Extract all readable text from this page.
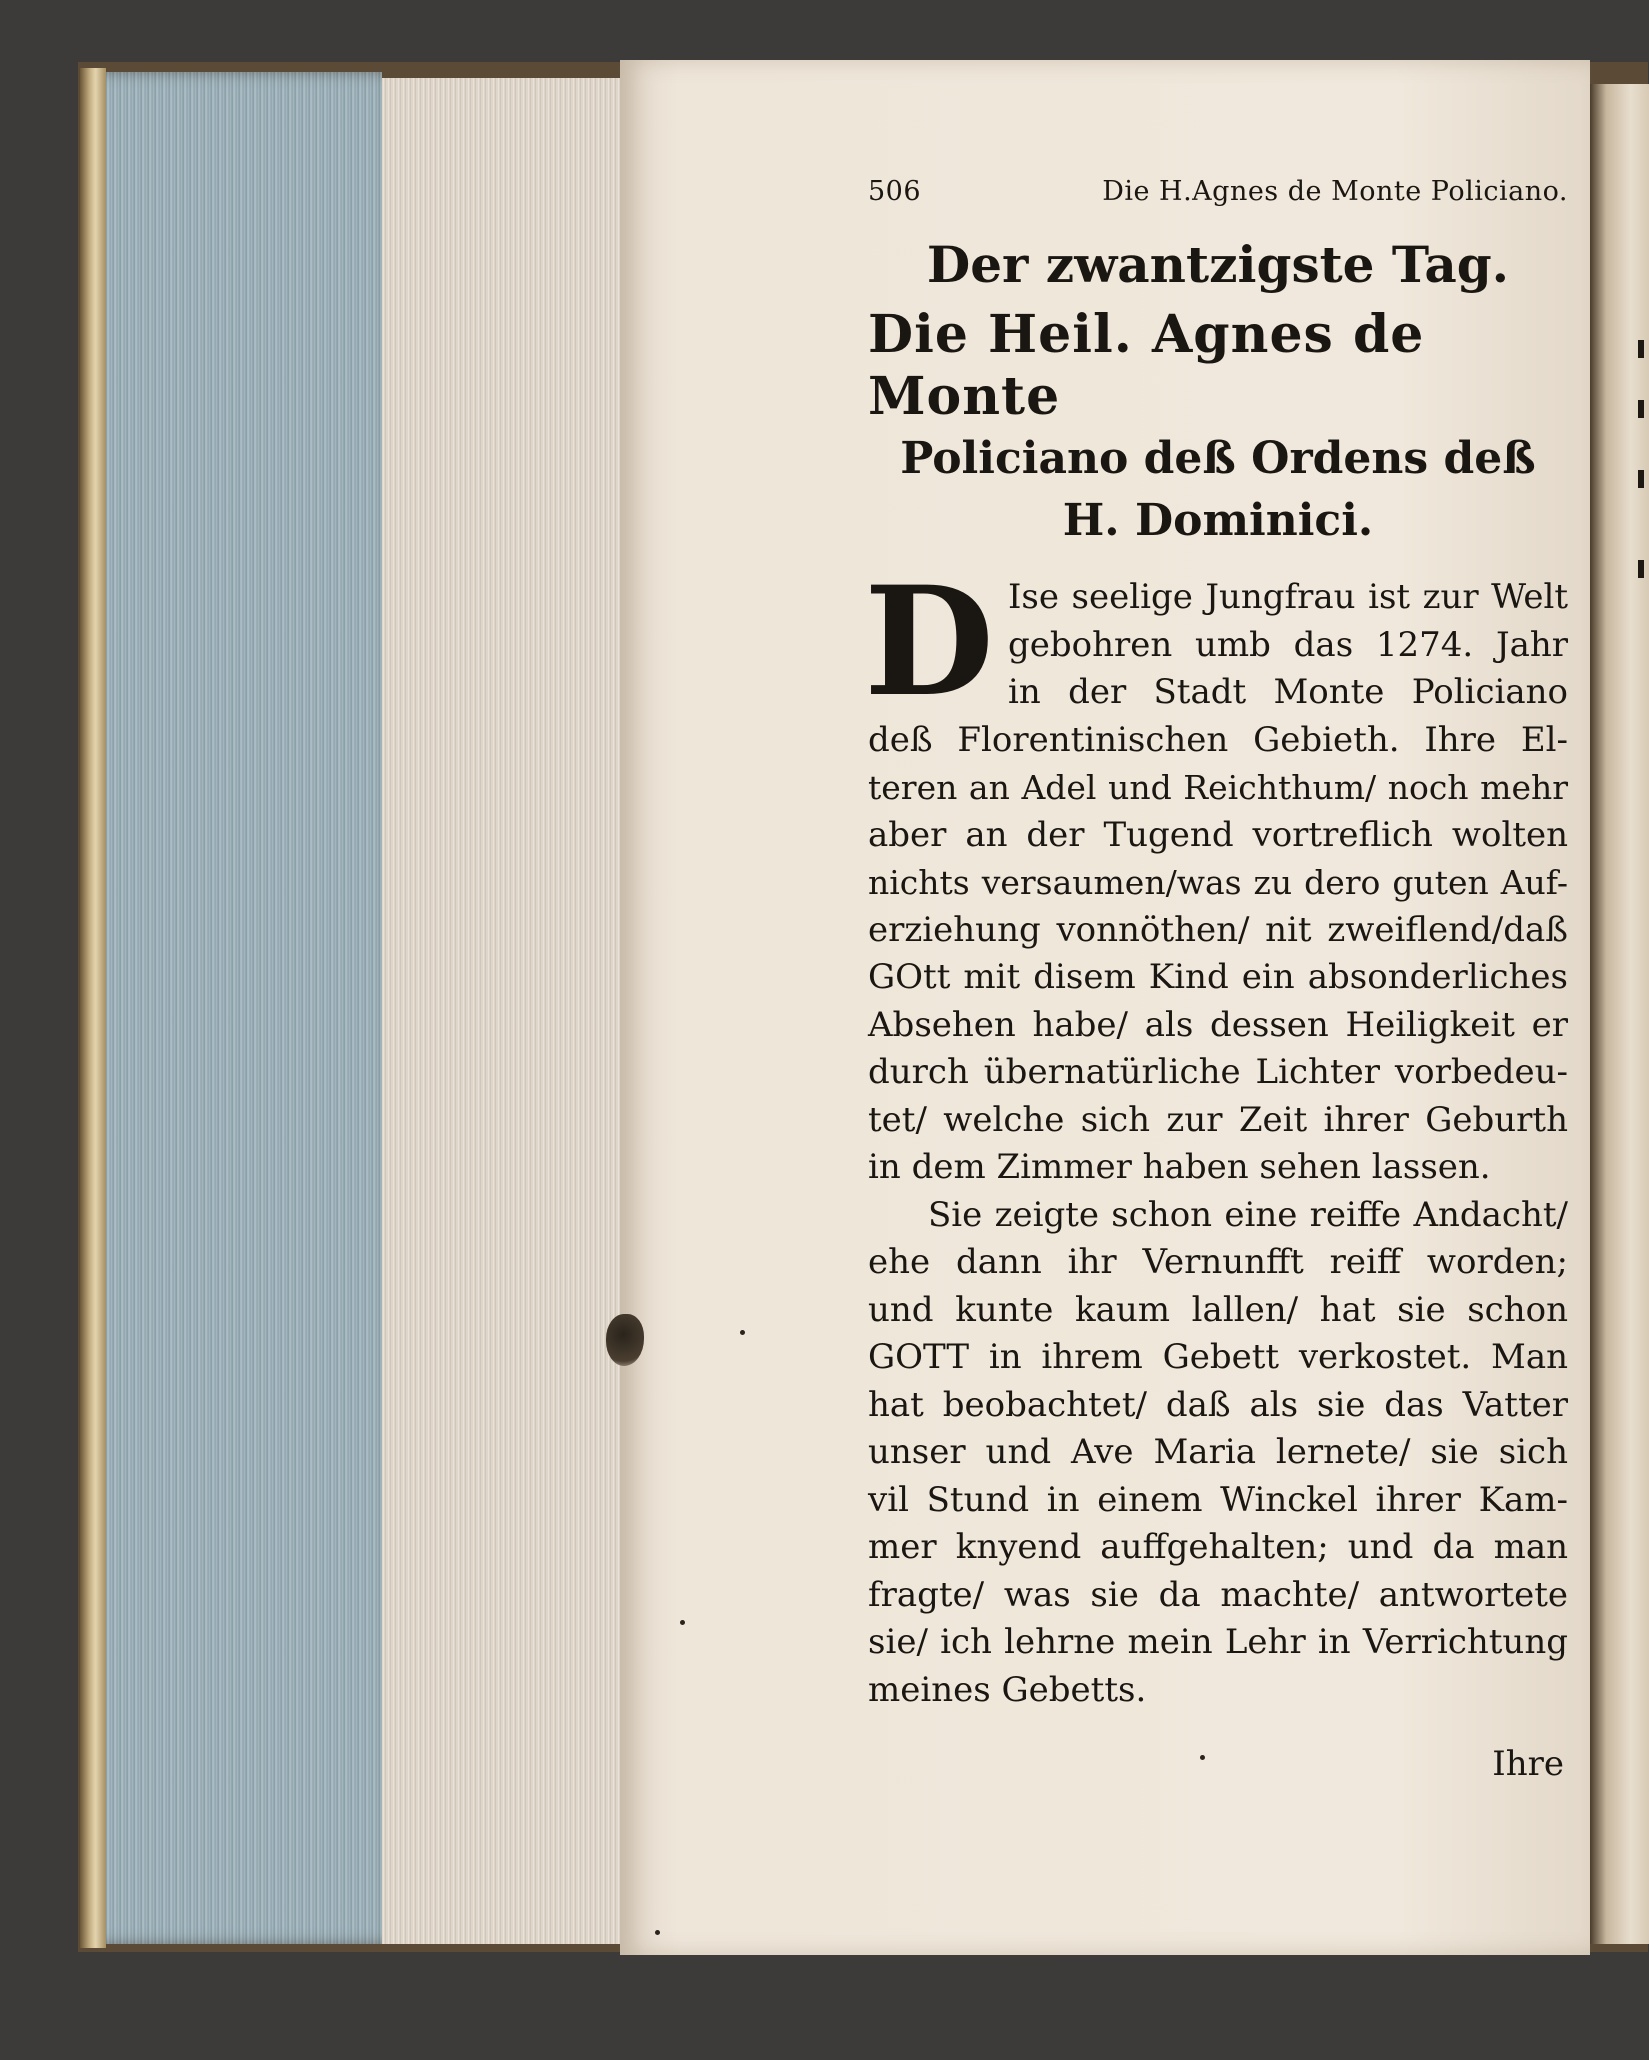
506	Die H.Agnes de Monte Policiano.
Der zwantzigste Tag.
Die Heil. Agnes de Monte
Policiano deß Ordens deß
H. Dominici.
D Ise seelige Jungfrau ist zur Welt
gebohren umb das 1274. Jahr
in der Stadt Monte Policiano
deß Florentinischen Gebieth. Ihre El-
teren an Adel und Reichthum/ noch mehr
aber an der Tugend vortreflich wolten
nichts versaumen/was zu dero guten Auf-
erziehung vonnöthen/ nit zweiflend/daß
GOtt mit disem Kind ein absonderliches
Absehen habe/ als dessen Heiligkeit er
durch übernatürliche Lichter vorbedeu-
tet/ welche sich zur Zeit ihrer Geburth
in dem Zimmer haben sehen lassen.
Sie zeigte schon eine reiffe Andacht/
ehe dann ihr Vernunfft reiff worden;
und kunte kaum lallen/ hat sie schon
GOTT in ihrem Gebett verkostet. Man
hat beobachtet/ daß als sie das Vatter
unser und Ave Maria lernete/ sie sich
vil Stund in einem Winckel ihrer Kam-
mer knyend auffgehalten; und da man
fragte/ was sie da machte/ antwortete
sie/ ich lehrne mein Lehr in Verrichtung
meines Gebetts.
Ihre
